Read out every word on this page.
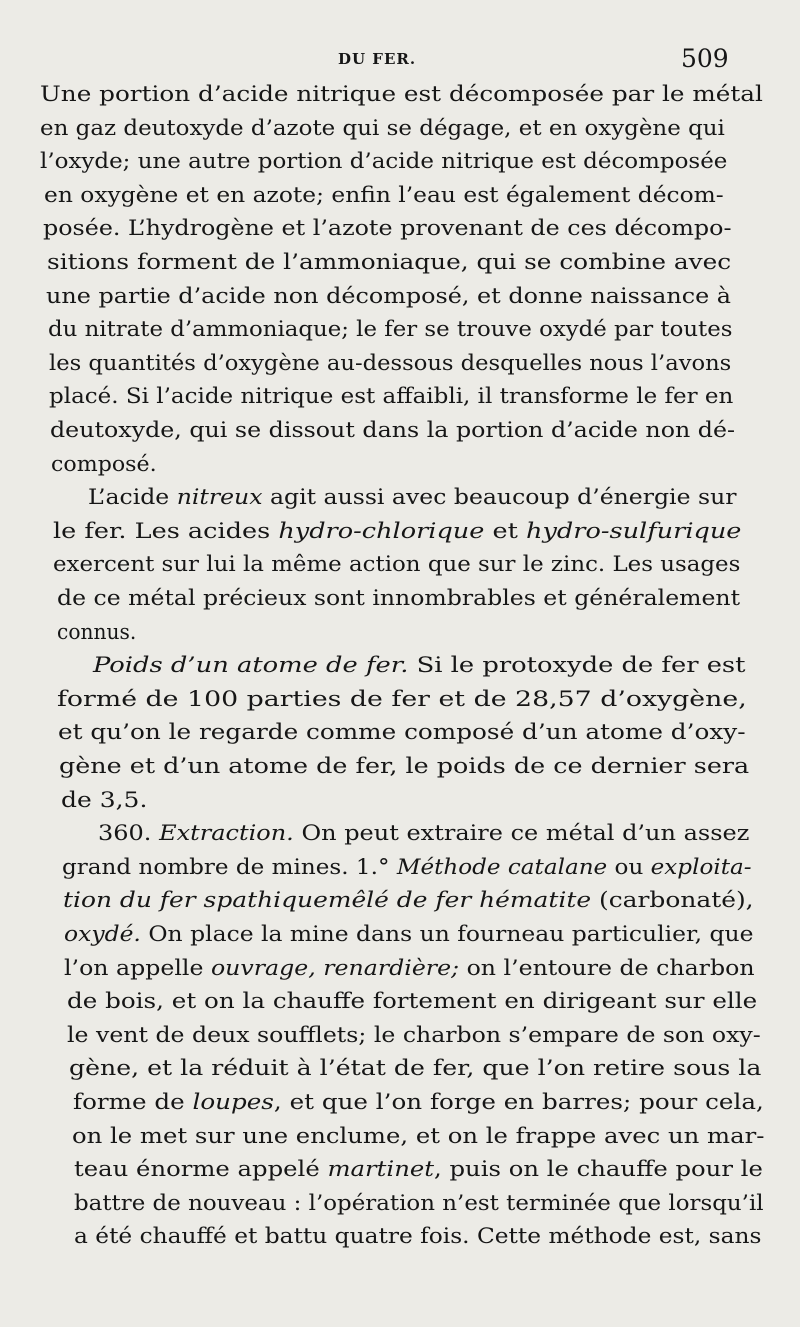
DU FER.	509
Une portion d’acide nitrique est décomposée par le métal
en gaz deutoxyde d’azote qui se dégage, et en oxygène qui
l’oxyde; une autre portion d’acide nitrique est décomposée
en oxygène et en azote; enfin l’eau est également décom-
posée. L’hydrogène et l’azote provenant de ces décompo-
sitions forment de l’ammoniaque, qui se combine avec
une partie d’acide non décomposé, et donne naissance à
du nitrate d’ammoniaque; le fer se trouve oxydé par toutes
les quantités d’oxygène au-dessous desquelles nous l’avons
placé. Si l’acide nitrique est affaibli, il transforme le fer en
deutoxyde, qui se dissout dans la portion d’acide non dé-
composé.
L’acide nitreux agit aussi avec beaucoup d’énergie sur
le fer. Les acides hydro-chlorique et hydro-sulfurique
exercent sur lui la même action que sur le zinc. Les usages
de ce métal précieux sont innombrables et généralement
connus.
Poids d’un atome de fer. Si le protoxyde de fer est
formé de 100 parties de fer et de 28,57 d’oxygène,
et qu’on le regarde comme composé d’un atome d’oxy-
gène et d’un atome de fer, le poids de ce dernier sera
de 3,5.
360. Extraction. On peut extraire ce métal d’un assez
grand nombre de mines. 1.° Méthode catalane ou exploita-
tion du fer spathiquemêlé de fer hématite (carbonaté),
oxydé. On place la mine dans un fourneau particulier, que
l’on appelle ouvrage, renardière; on l’entoure de charbon
de bois, et on la chauffe fortement en dirigeant sur elle
le vent de deux soufflets; le charbon s’empare de son oxy-
gène, et la réduit à l’état de fer, que l’on retire sous la
forme de loupes, et que l’on forge en barres; pour cela,
on le met sur une enclume, et on le frappe avec un mar-
teau énorme appelé martinet, puis on le chauffe pour le
battre de nouveau : l’opération n’est terminée que lorsqu’il
a été chauffé et battu quatre fois. Cette méthode est, sans
